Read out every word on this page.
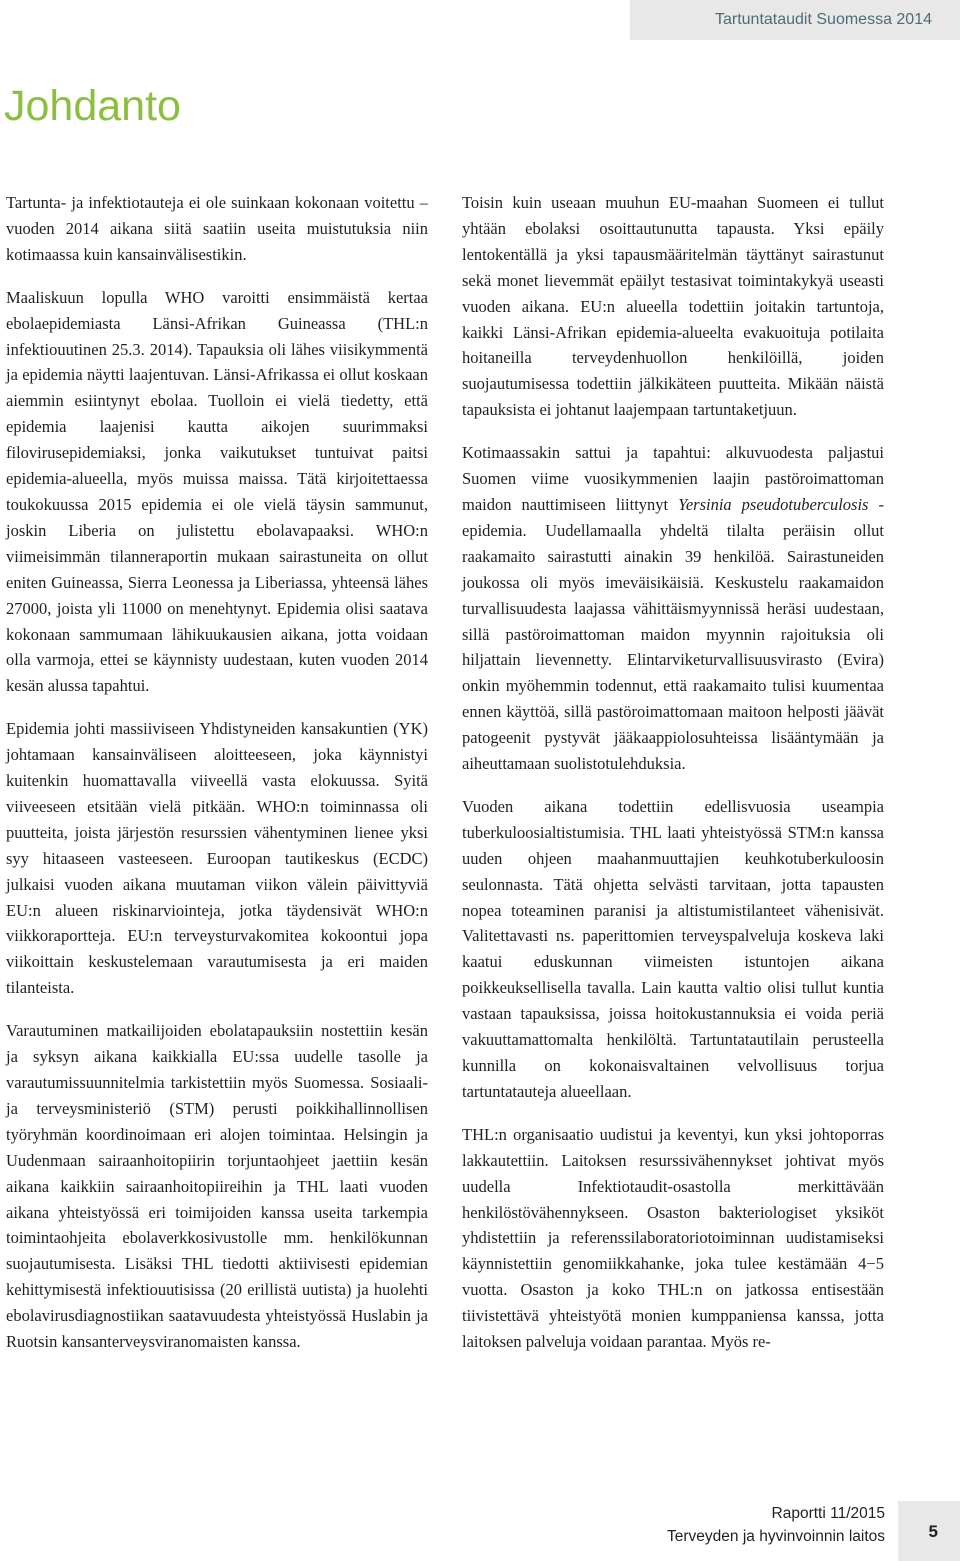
Tartuntataudit Suomessa 2014
Johdanto

Tartunta- ja infektiotauteja ei ole suinkaan kokonaan voitettu – vuoden 2014 aikana siitä saatiin useita muistutuksia niin kotimaassa kuin kansainvälisestikin.

Maaliskuun lopulla WHO varoitti ensimmäistä kertaa ebolaepidemiasta Länsi-Afrikan Guineassa (THL:n infektiouutinen 25.3. 2014). Tapauksia oli lähes viisikymmentä ja epidemia näytti laajentuvan. Länsi-Afrikassa ei ollut koskaan aiemmin esiintynyt ebolaa. Tuolloin ei vielä tiedetty, että epidemia laajenisi kautta aikojen suurimmaksi filovirusepidemiaksi, jonka vaikutukset tuntuivat paitsi epidemia-alueella, myös muissa maissa. Tätä kirjoitettaessa toukokuussa 2015 epidemia ei ole vielä täysin sammunut, joskin Liberia on julistettu ebolavapaaksi. WHO:n viimeisimmän tilanneraportin mukaan sairastuneita on ollut eniten Guineassa, Sierra Leonessa ja Liberiassa, yhteensä lähes 27000, joista yli 11000 on menehtynyt. Epidemia olisi saatava kokonaan sammumaan lähikuukausien aikana, jotta voidaan olla varmoja, ettei se käynnisty uudestaan, kuten vuoden 2014 kesän alussa tapahtui.

Epidemia johti massiiviseen Yhdistyneiden kansakuntien (YK) johtamaan kansainväliseen aloitteeseen, joka käynnistyi kuitenkin huomattavalla viiveellä vasta elokuussa. Syitä viiveeseen etsitään vielä pitkään. WHO:n toiminnassa oli puutteita, joista järjestön resurssien vähentyminen lienee yksi syy hitaaseen vasteeseen. Euroopan tautikeskus (ECDC) julkaisi vuoden aikana muutaman viikon välein päivittyviä EU:n alueen riskinarviointeja, jotka täydensivät WHO:n viikkoraportteja. EU:n terveysturvakomitea kokoontui jopa viikoittain keskustelemaan varautumisesta ja eri maiden tilanteista.

Varautuminen matkailijoiden ebolatapauksiin nostettiin kesän ja syksyn aikana kaikkialla EU:ssa uudelle tasolle ja varautumissuunnitelmia tarkistettiin myös Suomessa. Sosiaali- ja terveysministeriö (STM) perusti poikkihallinnollisen työryhmän koordinoimaan eri alojen toimintaa. Helsingin ja Uudenmaan sairaanhoitopiirin torjuntaohjeet jaettiin kesän aikana kaikkiin sairaanhoitopiireihin ja THL laati vuoden aikana yhteistyössä eri toimijoiden kanssa useita tarkempia toimintaohjeita ebolaverkkosivustolle mm. henkilökunnan suojautumisesta. Lisäksi THL tiedotti aktiivisesti epidemian kehittymisestä infektiouutisissa (20 erillistä uutista) ja huolehti ebolavirusdiagnostiikan saatavuudesta yhteistyössä Huslabin ja Ruotsin kansanterveysviranomaisten kanssa.

Toisin kuin useaan muuhun EU-maahan Suomeen ei tullut yhtään ebolaksi osoittautunutta tapausta. Yksi epäily lentokentällä ja yksi tapausmääritelmän täyttänyt sairastunut sekä monet lievemmät epäilyt testasivat toimintakykyä useasti vuoden aikana. EU:n alueella todettiin joitakin tartuntoja, kaikki Länsi-Afrikan epidemia-alueelta evakuoituja potilaita hoitaneilla terveydenhuollon henkilöillä, joiden suojautumisessa todettiin jälkikäteen puutteita. Mikään näistä tapauksista ei johtanut laajempaan tartuntaketjuun.

Kotimaassakin sattui ja tapahtui: alkuvuodesta paljastui Suomen viime vuosikymmenien laajin pastöroimattoman maidon nauttimiseen liittynyt Yersinia pseudotuberculosis -epidemia. Uudellamaalla yhdeltä tilalta peräisin ollut raakamaito sairastutti ainakin 39 henkilöä. Sairastuneiden joukossa oli myös imeväisikäisiä. Keskustelu raakamaidon turvallisuudesta laajassa vähittäismyynnissä heräsi uudestaan, sillä pastöroimattoman maidon myynnin rajoituksia oli hiljattain lievennetty. Elintarviketurvallisuusvirasto (Evira) onkin myöhemmin todennut, että raakamaito tulisi kuumentaa ennen käyttöä, sillä pastöroimattomaan maitoon helposti jäävät patogeenit pystyvät jääkaappiolosuhteissa lisääntymään ja aiheuttamaan suolistotulehduksia.

Vuoden aikana todettiin edellisvuosia useampia tuberkuloosialtistumisia. THL laati yhteistyössä STM:n kanssa uuden ohjeen maahanmuuttajien keuhkotuberkuloosin seulonnasta. Tätä ohjetta selvästi tarvitaan, jotta tapausten nopea toteaminen paranisi ja altistumistilanteet vähenisivät. Valitettavasti ns. paperittomien terveyspalveluja koskeva laki kaatui eduskunnan viimeisten istuntojen aikana poikkeuksellisella tavalla. Lain kautta valtio olisi tullut kuntia vastaan tapauksissa, joissa hoitokustannuksia ei voida periä vakuuttamattomalta henkilöltä. Tartuntatautilain perusteella kunnilla on kokonaisvaltainen velvollisuus torjua tartuntatauteja alueellaan.

THL:n organisaatio uudistui ja keventyi, kun yksi johtoporras lakkautettiin. Laitoksen resurssivähennykset johtivat myös uudella Infektiotaudit-osastolla merkittävään henkilöstövähennykseen. Osaston bakteriologiset yksiköt yhdistettiin ja referenssilaboratoriotoiminnan uudistamiseksi käynnistettiin genomiikkahanke, joka tulee kestämään 4−5 vuotta. Osaston ja koko THL:n on jatkossa entisestään tiivistettävä yhteistyötä monien kumppaniensa kanssa, jotta laitoksen palveluja voidaan parantaa. Myös re-

Raportti 11/2015
Terveyden ja hyvinvoinnin laitos	5
